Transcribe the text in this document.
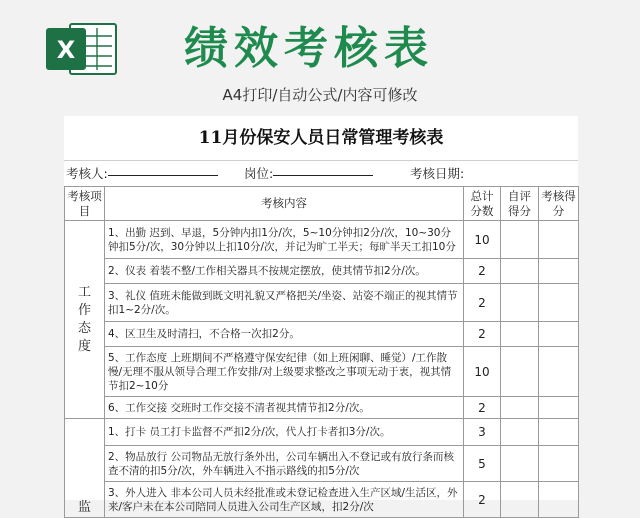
X 绩效考核表
A4打印/自动公式/内容可修改
11月份保安人员日常管理考核表
考核人:	岗位:	考核日期:
考核项目	考核内容	总计分数	自评得分	考核得分
工作态度	1、出勤 迟到、早退，5分钟内扣1分/次，5~10分钟扣2分/次，10~30分钟扣5分/次，30分钟以上扣10分/次，并记为旷工半天；每旷半天工扣10分	10		
	2、仪表 着装不整/工作相关器具不按规定摆放，使其情节扣2分/次。	2		
	3、礼仪 值班未能做到既文明礼貌又严格把关/坐姿、站姿不端正的视其情节扣1~2分/次。	2		
	4、区卫生及时清扫，不合格一次扣2分。	2		
	5、工作态度 上班期间不严格遵守保安纪律（如上班闲聊、睡觉）/工作散慢/无理不服从领导合理工作安排/对上级要求整改之事项无动于衷，视其情节扣2~10分	10		
	6、工作交接 交班时工作交接不清者视其情节扣2分/次。	2		
监	1、打卡 员工打卡监督不严扣2分/次，代人打卡者扣3分/次。	3		
	2、物品放行 公司物品无放行条外出，公司车辆出入不登记或有放行条而核查不清的扣5分/次，外车辆进入不指示路线的扣5分/次	5		
	3、外人进入 非本公司人员未经批准或未登记检查进入生产区域/生活区，外来/客户未在本公司陪同人员进入公司生产区域，扣2分/次	2		
